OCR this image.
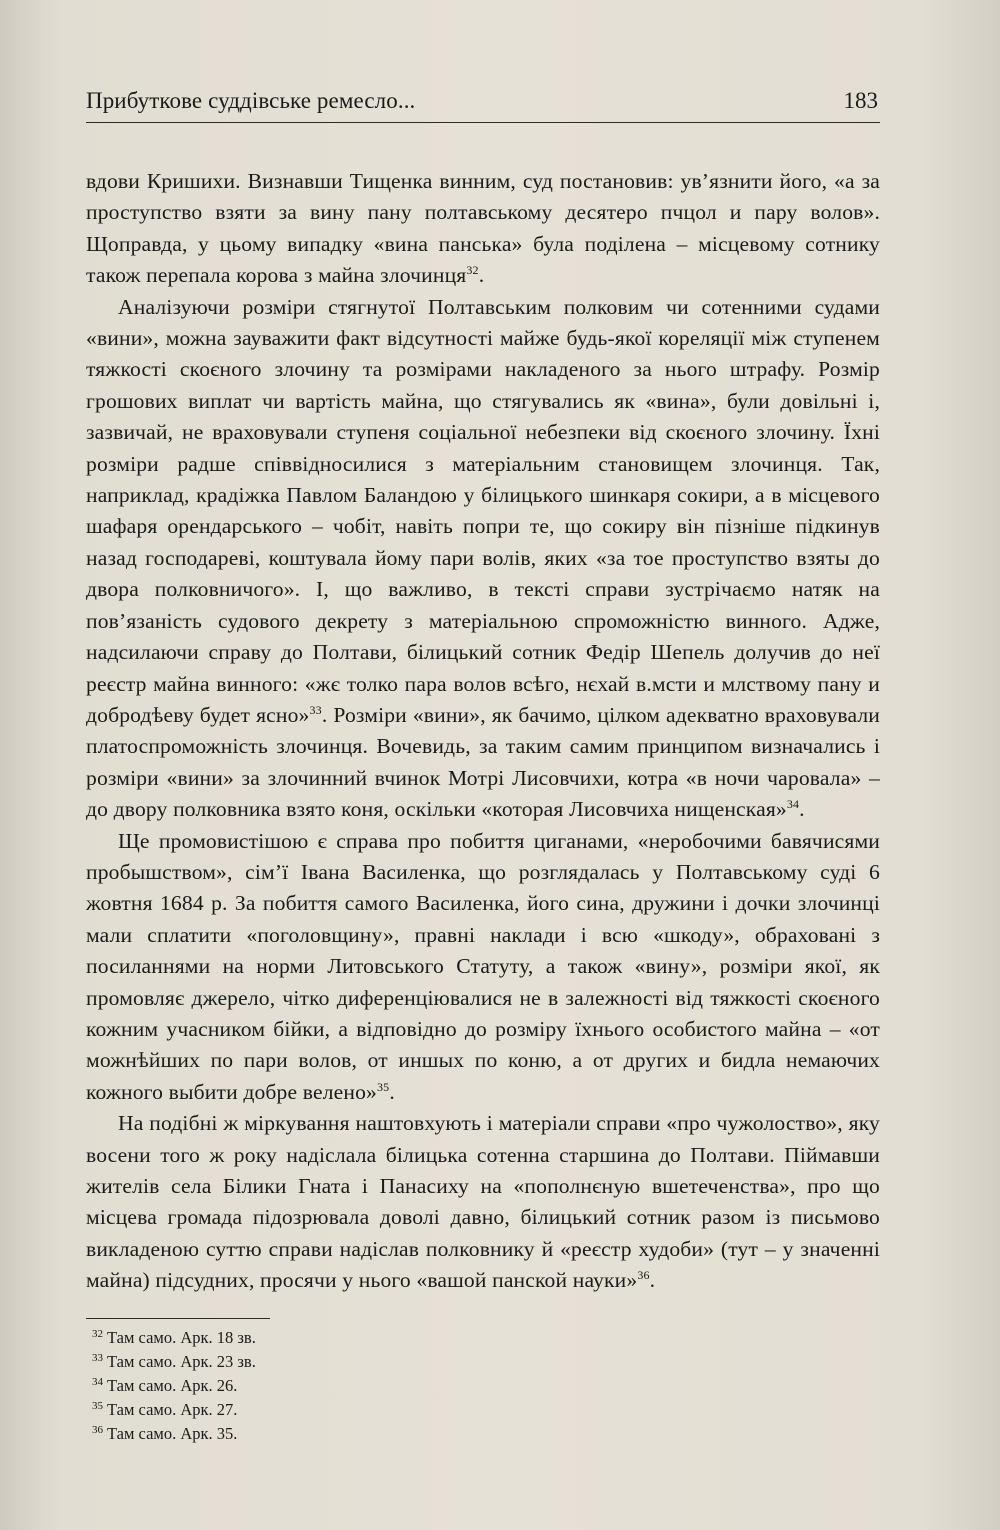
Прибуткове суддівське ремесло...	183

вдови Кришихи. Визнавши Тищенка винним, суд постановив: ув’язнити його, «а за проступство взяти за вину пану полтавському десятеро пчцол и пару волов». Щоправда, у цьому випадку «вина панська» була поділена – місцевому сотнику також перепала корова з майна злочинця$^{32}$.

Аналізуючи розміри стягнутої Полтавським полковим чи сотенними судами «вини», можна зауважити факт відсутності майже будь-якої кореляції між ступенем тяжкості скоєного злочину та розмірами накладеного за нього штрафу. Розмір грошових виплат чи вартість майна, що стягувались як «вина», були довільні і, зазвичай, не враховували ступеня соціальної небезпеки від скоєного злочину. Їхні розміри радше співвідносилися з матеріальним становищем злочинця. Так, наприклад, крадіжка Павлом Баландою у білицького шинкаря сокири, а в місцевого шафаря орендарського – чобіт, навіть попри те, що сокиру він пізніше підкинув назад господареві, коштувала йому пари волів, яких «за тое проступство взяты до двора полковничого». І, що важливо, в тексті справи зустрічаємо натяк на пов’язаність судового декрету з матеріальною спроможністю винного. Адже, надсилаючи справу до Полтави, білицький сотник Федір Шепель долучив до неї реєстр майна винного: «жє толко пара волов всѣго, нєхай в.мсти и млствому пану и добродѣеву будет ясно»$^{33}$. Розміри «вини», як бачимо, цілком адекватно враховували платоспроможність злочинця. Вочевидь, за таким самим принципом визначались і розміри «вини» за злочинний вчинок Мотрі Лисовчихи, котра «в ночи чаровала» – до двору полковника взято коня, оскільки «которая Лисовчиха нищенская»$^{34}$.

Ще промовистішою є справа про побиття циганами, «неробочими бавячисями пробышством», сім’ї Івана Василенка, що розглядалась у Полтавському суді 6 жовтня 1684 р. За побиття самого Василенка, його сина, дружини і дочки злочинці мали сплатити «поголовщину», правні наклади і всю «шкоду», обраховані з посиланнями на норми Литовського Статуту, а також «вину», розміри якої, як промовляє джерело, чітко диференціювалися не в залежності від тяжкості скоєного кожним учасником бійки, а відповідно до розміру їхнього особистого майна – «от можнѣйших по пари волов, от иншых по коню, а от других и бидла немаючих кожного выбити добре велено»$^{35}$.

На подібні ж міркування наштовхують і матеріали справи «про чужолоство», яку восени того ж року надіслала білицька сотенна старшина до Полтави. Піймавши жителів села Білики Гната і Панасиху на «пополнєную вшетеченства», про що місцева громада підозрювала доволі давно, білицький сотник разом із письмово викладеною суттю справи надіслав полковнику й «реєстр худоби» (тут – у значенні майна) підсудних, просячи у нього «вашой панской науки»$^{36}$.

$^{32}$ Там само. Арк. 18 зв.
$^{33}$ Там само. Арк. 23 зв.
$^{34}$ Там само. Арк. 26.
$^{35}$ Там само. Арк. 27.
$^{36}$ Там само. Арк. 35.
